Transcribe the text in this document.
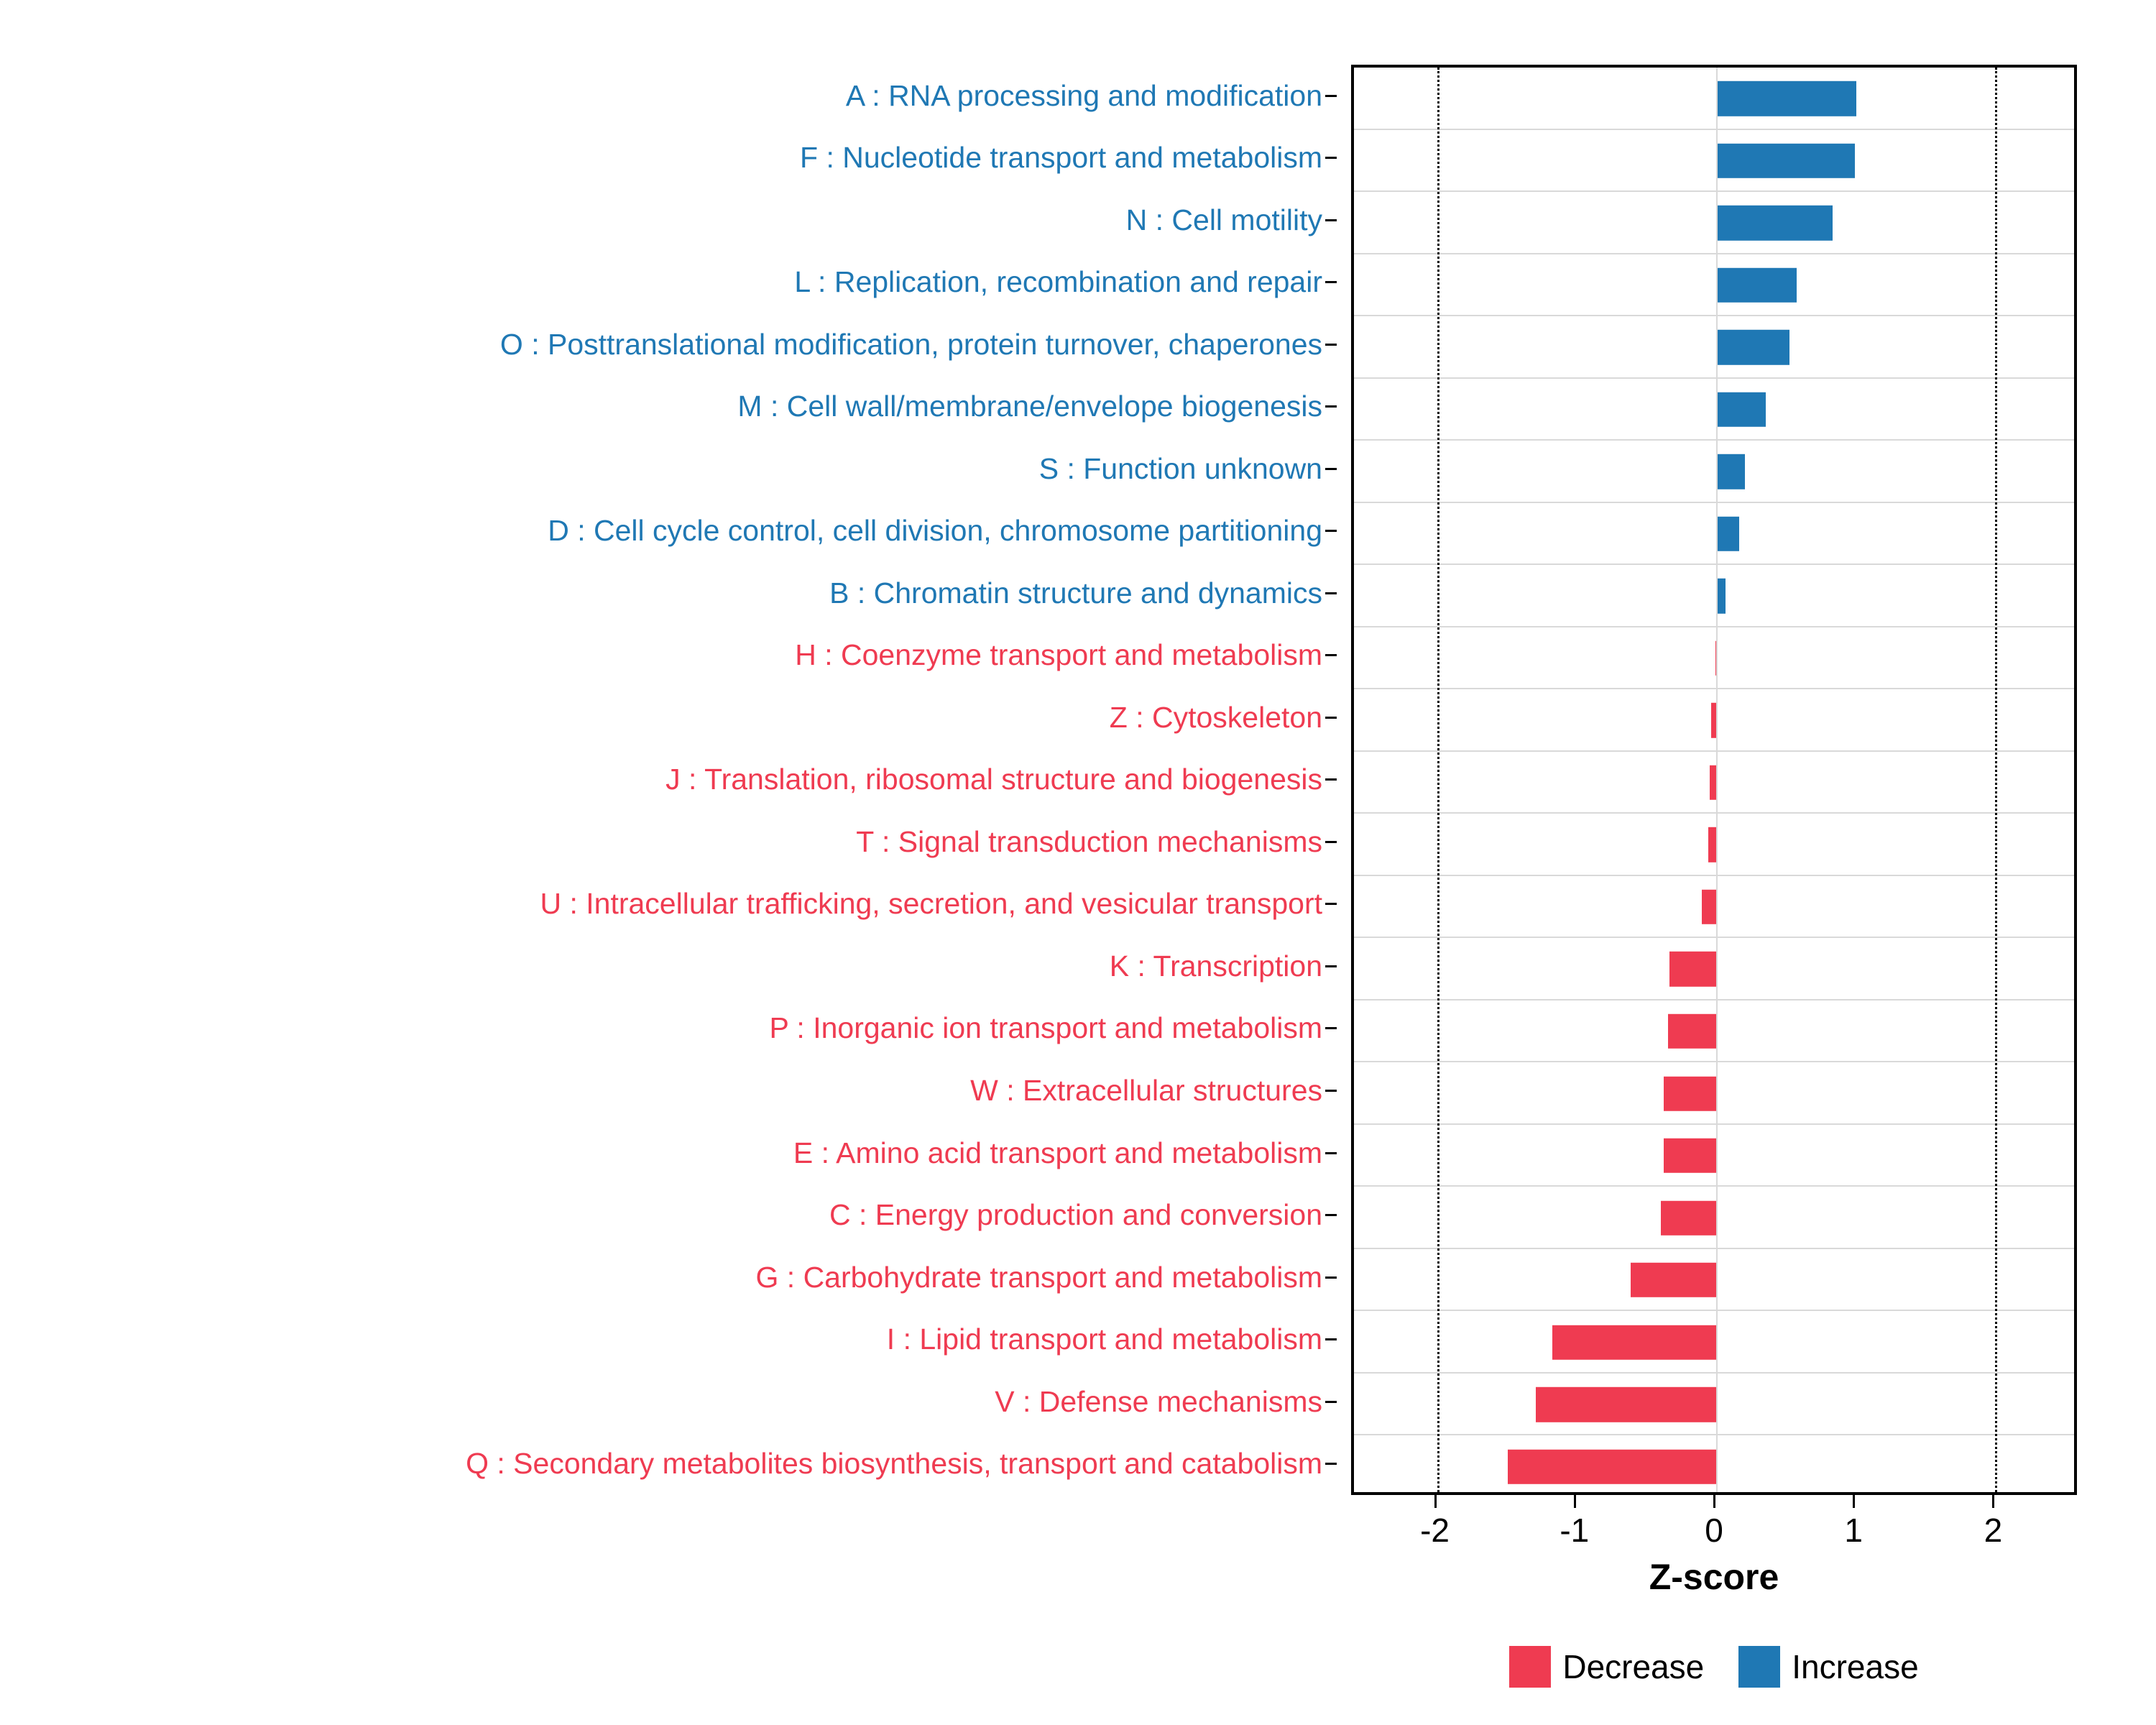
A : RNA processing and modification
F : Nucleotide transport and metabolism
N : Cell motility
L : Replication, recombination and repair
O : Posttranslational modification, protein turnover, chaperones
M : Cell wall/membrane/envelope biogenesis
S : Function unknown
D : Cell cycle control, cell division, chromosome partitioning
B : Chromatin structure and dynamics
H : Coenzyme transport and metabolism
Z : Cytoskeleton
J : Translation, ribosomal structure and biogenesis
T : Signal transduction mechanisms
U : Intracellular trafficking, secretion, and vesicular transport
K : Transcription
P : Inorganic ion transport and metabolism
W : Extracellular structures
E : Amino acid transport and metabolism
C : Energy production and conversion
G : Carbohydrate transport and metabolism
I : Lipid transport and metabolism
V : Defense mechanisms
Q : Secondary metabolites biosynthesis, transport and catabolism
-2	-1	0	1	2
Z-score
Decrease	Increase
